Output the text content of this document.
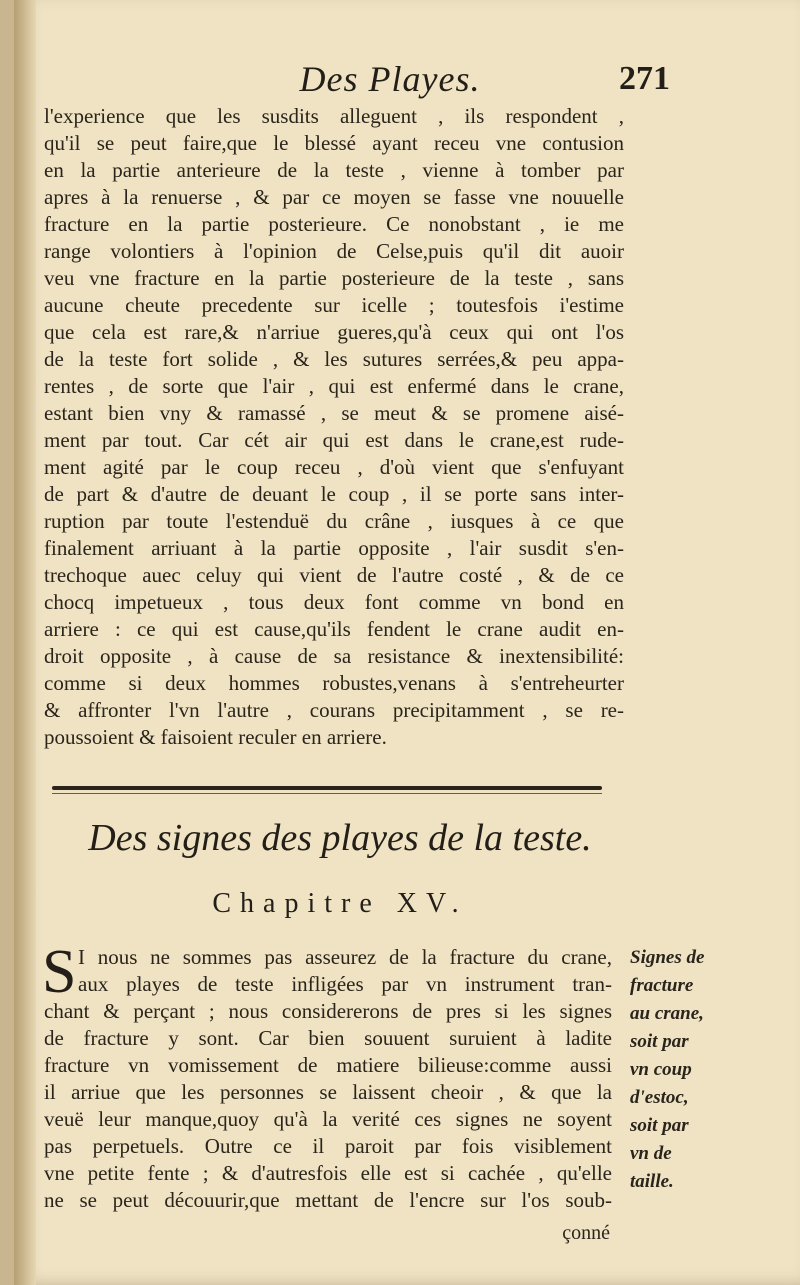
Des Playes.	271
l'experience que les susdits alleguent , ils respondent ,
qu'il se peut faire,que le blessé ayant receu vne contusion
en la partie anterieure de la teste , vienne à tomber par
apres à la renuerse , & par ce moyen se fasse vne nouuelle
fracture en la partie posterieure. Ce nonobstant , ie me
range volontiers à l'opinion de Celse,puis qu'il dit auoir
veu vne fracture en la partie posterieure de la teste , sans
aucune cheute precedente sur icelle ; toutesfois i'estime
que cela est rare,& n'arriue gueres,qu'à ceux qui ont l'os
de la teste fort solide , & les sutures serrées,& peu appa-
rentes , de sorte que l'air , qui est enfermé dans le crane,
estant bien vny & ramassé , se meut & se promene aisé-
ment par tout. Car cét air qui est dans le crane,est rude-
ment agité par le coup receu , d'où vient que s'enfuyant
de part & d'autre de deuant le coup , il se porte sans inter-
ruption par toute l'estenduë du crâne , iusques à ce que
finalement arriuant à la partie opposite , l'air susdit s'en-
trechoque auec celuy qui vient de l'autre costé , & de ce
chocq impetueux , tous deux font comme vn bond en
arriere : ce qui est cause,qu'ils fendent le crane audit en-
droit opposite , à cause de sa resistance & inextensibilité:
comme si deux hommes robustes,venans à s'entreheurter
& affronter l'vn l'autre , courans precipitamment , se re-
poussoient & faisoient reculer en arriere.
Des signes des playes de la teste.
Chapitre XV.
S I nous ne sommes pas asseurez de la fracture du crane,
aux playes de teste infligées par vn instrument tran-
chant & perçant ; nous considererons de pres si les signes
de fracture y sont. Car bien souuent suruient à ladite
fracture vn vomissement de matiere bilieuse:comme aussi
il arriue que les personnes se laissent cheoir , & que la
veuë leur manque,quoy qu'à la verité ces signes ne soyent
pas perpetuels. Outre ce il paroit par fois visiblement
vne petite fente ; & d'autresfois elle est si cachée , qu'elle
ne se peut découurir,que mettant de l'encre sur l'os soub-
çonné
Signes de
fracture
au crane,
soit par
vn coup
d'estoc,
soit par
vn de
taille.
